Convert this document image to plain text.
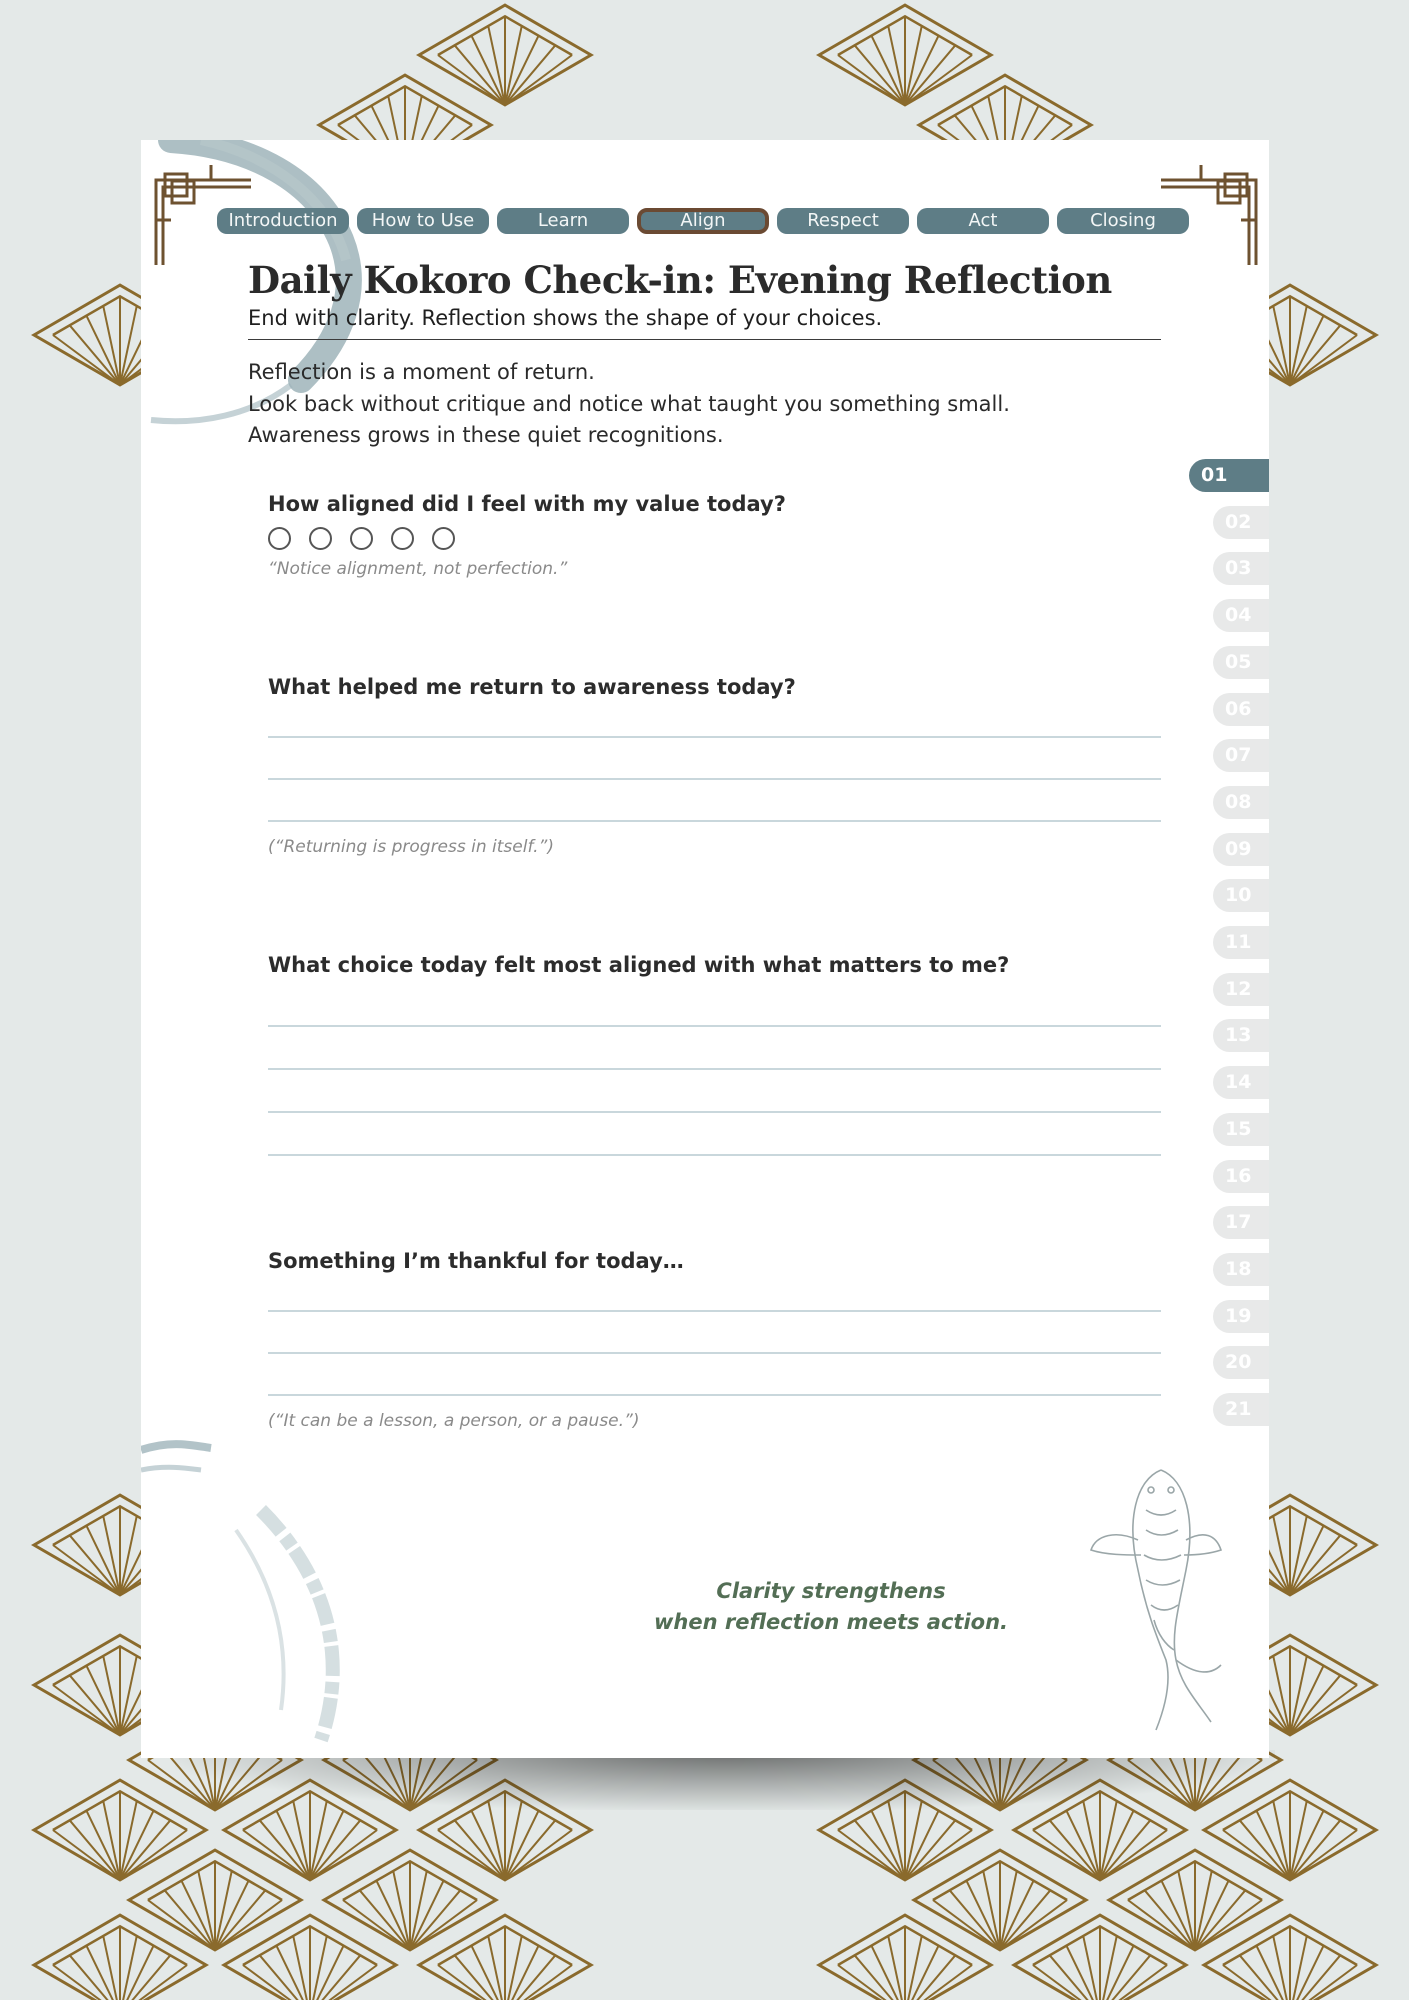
Introduction	How to Use	Learn	Align	Respect	Act	Closing
Daily Kokoro Check-in: Evening Reflection
End with clarity. Reflection shows the shape of your choices.
Reflection is a moment of return.
Look back without critique and notice what taught you something small.
Awareness grows in these quiet recognitions.
How aligned did I feel with my value today?
“Notice alignment, not perfection.”
What helped me return to awareness today?
(“Returning is progress in itself.”)
What choice today felt most aligned with what matters to me?
Something I’m thankful for today…
(“It can be a lesson, a person, or a pause.”)
01
02
03
04
05
06
07
08
09
10
11
12
13
14
15
16
17
18
19
20
21
Clarity strengthens
when reflection meets action.
